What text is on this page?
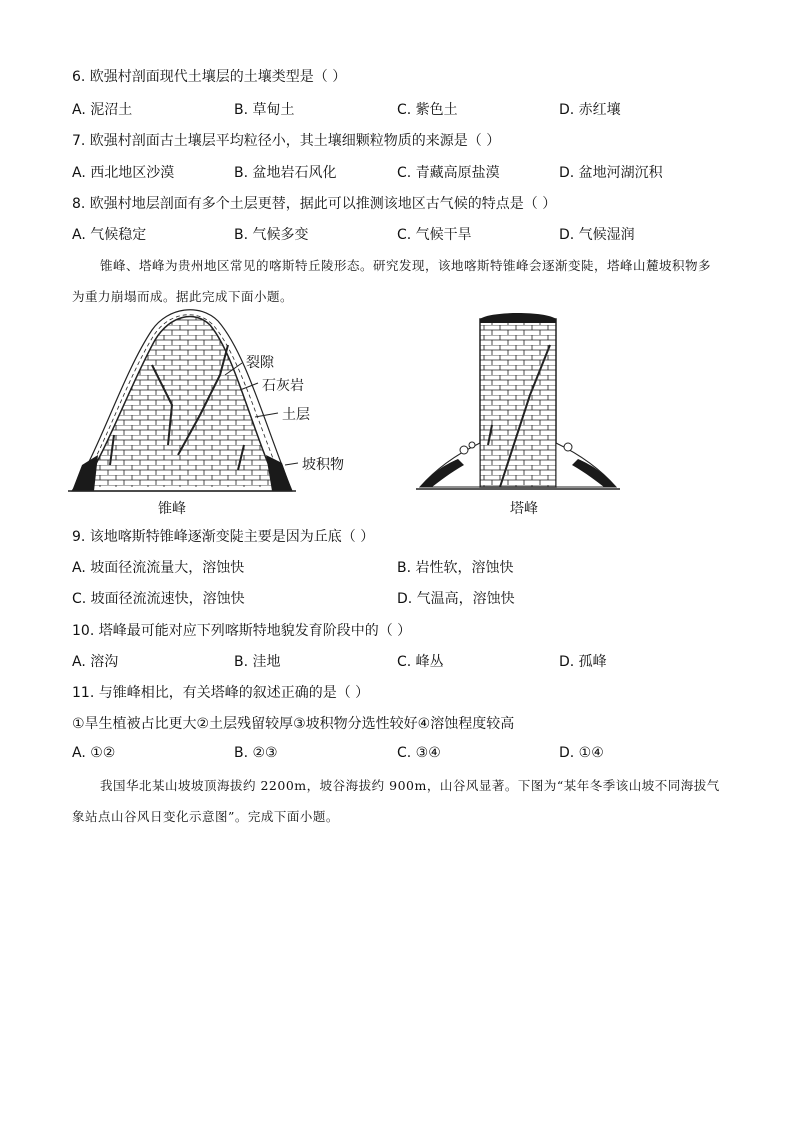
6. 欧强村剖面现代土壤层的土壤类型是（ ）
A. 泥沼土	B. 草甸土	C. 紫色土	D. 赤红壤
7. 欧强村剖面古土壤层平均粒径小，其土壤细颗粒物质的来源是（ ）
A. 西北地区沙漠	B. 盆地岩石风化	C. 青藏高原盐漠	D. 盆地河湖沉积
8. 欧强村地层剖面有多个土层更替，据此可以推测该地区古气候的特点是（ ）
A. 气候稳定	B. 气候多变	C. 气候干旱	D. 气候湿润
锥峰、塔峰为贵州地区常见的喀斯特丘陵形态。研究发现，该地喀斯特锥峰会逐渐变陡，塔峰山麓坡积物多为重力崩塌而成。据此完成下面小题。
裂隙
石灰岩
土层
坡积物
锥峰	塔峰
9. 该地喀斯特锥峰逐渐变陡主要是因为丘底（ ）
A. 坡面径流流量大，溶蚀快	B. 岩性软，溶蚀快
C. 坡面径流流速快，溶蚀快	D. 气温高，溶蚀快
10. 塔峰最可能对应下列喀斯特地貌发育阶段中的（ ）
A. 溶沟	B. 洼地	C. 峰丛	D. 孤峰
11. 与锥峰相比，有关塔峰的叙述正确的是（ ）
①旱生植被占比更大②土层残留较厚③坡积物分选性较好④溶蚀程度较高
A. ①②	B. ②③	C. ③④	D. ①④
我国华北某山坡坡顶海拔约 2200m，坡谷海拔约 900m，山谷风显著。下图为“某年冬季该山坡不同海拔气象站点山谷风日变化示意图”。完成下面小题。
